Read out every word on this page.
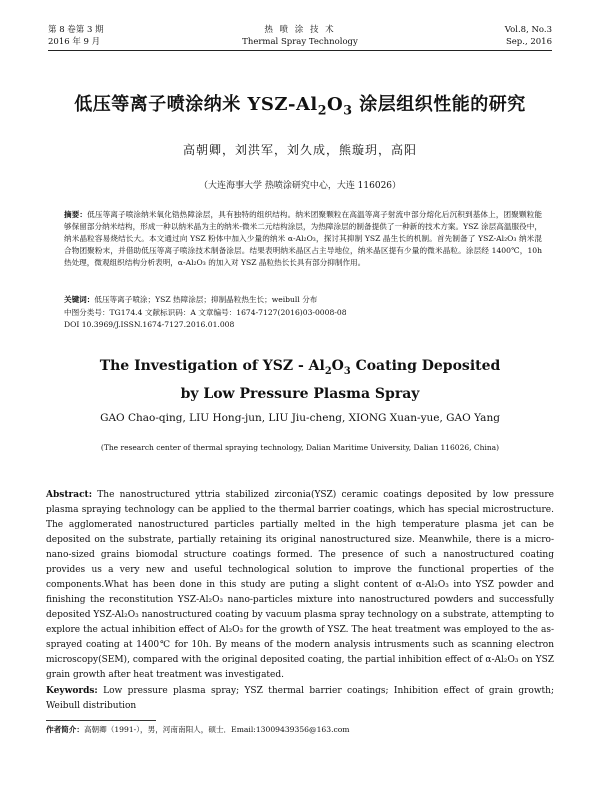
第 8 卷第 3 期
2016 年 9 月
热 喷 涂 技 术
Thermal Spray Technology
Vol.8, No.3
Sep., 2016
低压等离子喷涂纳米 YSZ-$Al_2O_3$ 涂层组织性能的研究
高朝卿，刘洪军，刘久成，熊璇玥，高阳
（大连海事大学 热喷涂研究中心，大连 116026）
摘要：低压等离子喷涂纳米氧化锆热障涂层，具有独特的组织结构。纳米团聚颗粒在高温等离子射流中部分熔化后沉积到基体上，团聚颗粒能够保留部分纳米结构，形成一种以纳米晶为主的纳米-微米二元结构涂层，为热障涂层的制备提供了一种新的技术方案。YSZ 涂层高温服役中，纳米晶粒容易烧结长大。本文通过向 YSZ 粉体中加入少量的纳米 α-Al₂O₃，探讨其抑制 YSZ 晶生长的机制。首先制备了 YSZ-Al₂O₃ 纳米混合物团聚粉末，并借助低压等离子喷涂技术制备涂层。结果表明纳米晶区占主导地位，纳米晶区提有少量的微米晶粒。涂层经 1400℃，10h 热处理，微观组织结构分析表明，α-Al₂O₃ 的加入对 YSZ 晶粒热长长具有部分抑制作用。
关键词：低压等离子喷涂；YSZ 热障涂层；抑制晶粒热生长；weibull 分布
中图分类号：TG174.4 文献标识码：A 文章编号：1674-7127(2016)03-0008-08
DOI 10.3969/J.ISSN.1674-7127.2016.01.008
The Investigation of YSZ - $Al_2O_3$ Coating Deposited
by Low Pressure Plasma Spray
GAO Chao-qing, LIU Hong-jun, LIU Jiu-cheng, XIONG Xuan-yue, GAO Yang
(The research center of thermal spraying technology, Dalian Maritime University, Dalian 116026, China)
Abstract: The nanostructured yttria stabilized zirconia(YSZ) ceramic coatings deposited by low pressure plasma spraying technology can be applied to the thermal barrier coatings, which has special microstructure. The agglomerated nanostructured particles partially melted in the high temperature plasma jet can be deposited on the substrate, partially retaining its original nanostructured size. Meanwhile, there is a micro-nano-sized grains biomodal structure coatings formed. The presence of such a nanostructured coating provides us a very new and useful technological solution to improve the functional properties of the components.What has been done in this study are puting a slight content of α-Al₂O₃ into YSZ powder and finishing the reconstitution YSZ-Al₂O₃ nano-particles mixture into nanostructured powders and successfully deposited YSZ-Al₂O₃ nanostructured coating by vacuum plasma spray technology on a substrate, attempting to explore the actual inhibition effect of Al₂O₃ for the growth of YSZ. The heat treatment was employed to the as-sprayed coating at 1400℃ for 10h. By means of the modern analysis intrusments such as scanning electron microscopy(SEM), compared with the original deposited coating, the partial inhibition effect of α-Al₂O₃ on YSZ grain growth after heat treatment was investigated.
Keywords: Low pressure plasma spray; YSZ thermal barrier coatings; Inhibition effect of grain growth; Weibull distribution
作者简介：高朝卿（1991-），男，河南南阳人，硕士．Email:13009439356@163.com
